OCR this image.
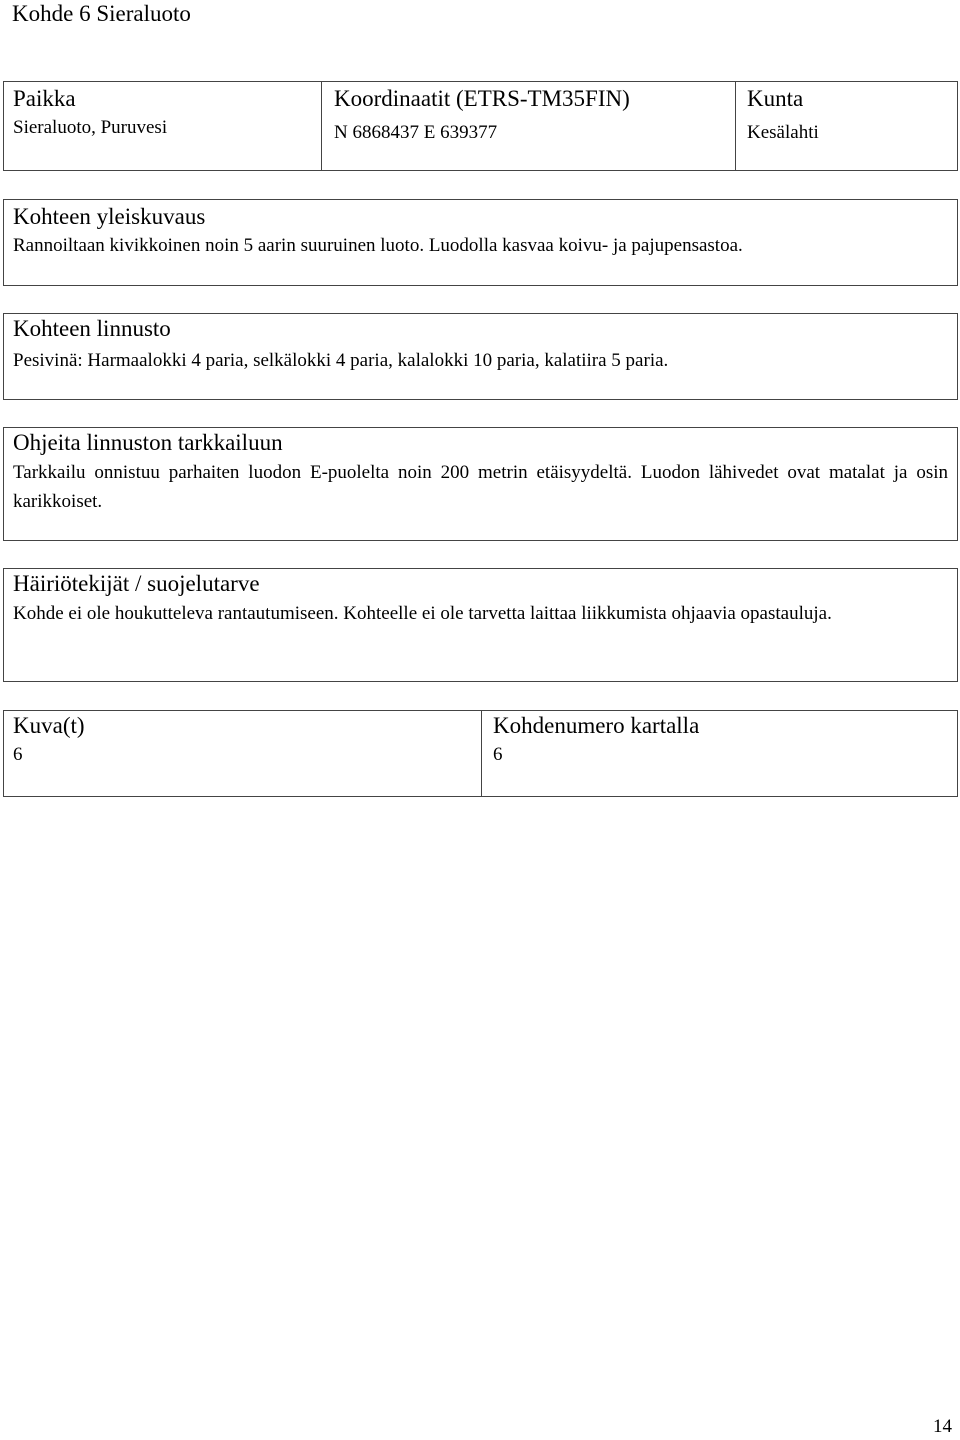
Kohde 6 Sieraluoto
Paikka
Sieraluoto, Puruvesi
Koordinaatit (ETRS-TM35FIN)
N 6868437 E 639377
Kunta
Kesälahti
Kohteen yleiskuvaus
Rannoiltaan kivikkoinen noin 5 aarin suuruinen luoto. Luodolla kasvaa koivu- ja pajupensastoa.
Kohteen linnusto
Pesivinä: Harmaalokki 4 paria, selkälokki 4 paria, kalalokki 10 paria, kalatiira 5 paria.
Ohjeita linnuston tarkkailuun
Tarkkailu onnistuu parhaiten luodon E-puolelta noin 200 metrin etäisyydeltä. Luodon lähivedet ovat matalat ja osin karikkoiset.
Häiriötekijät / suojelutarve
Kohde ei ole houkutteleva rantautumiseen. Kohteelle ei ole tarvetta laittaa liikkumista ohjaavia opastauluja.
Kuva(t)
6
Kohdenumero kartalla
6
14
